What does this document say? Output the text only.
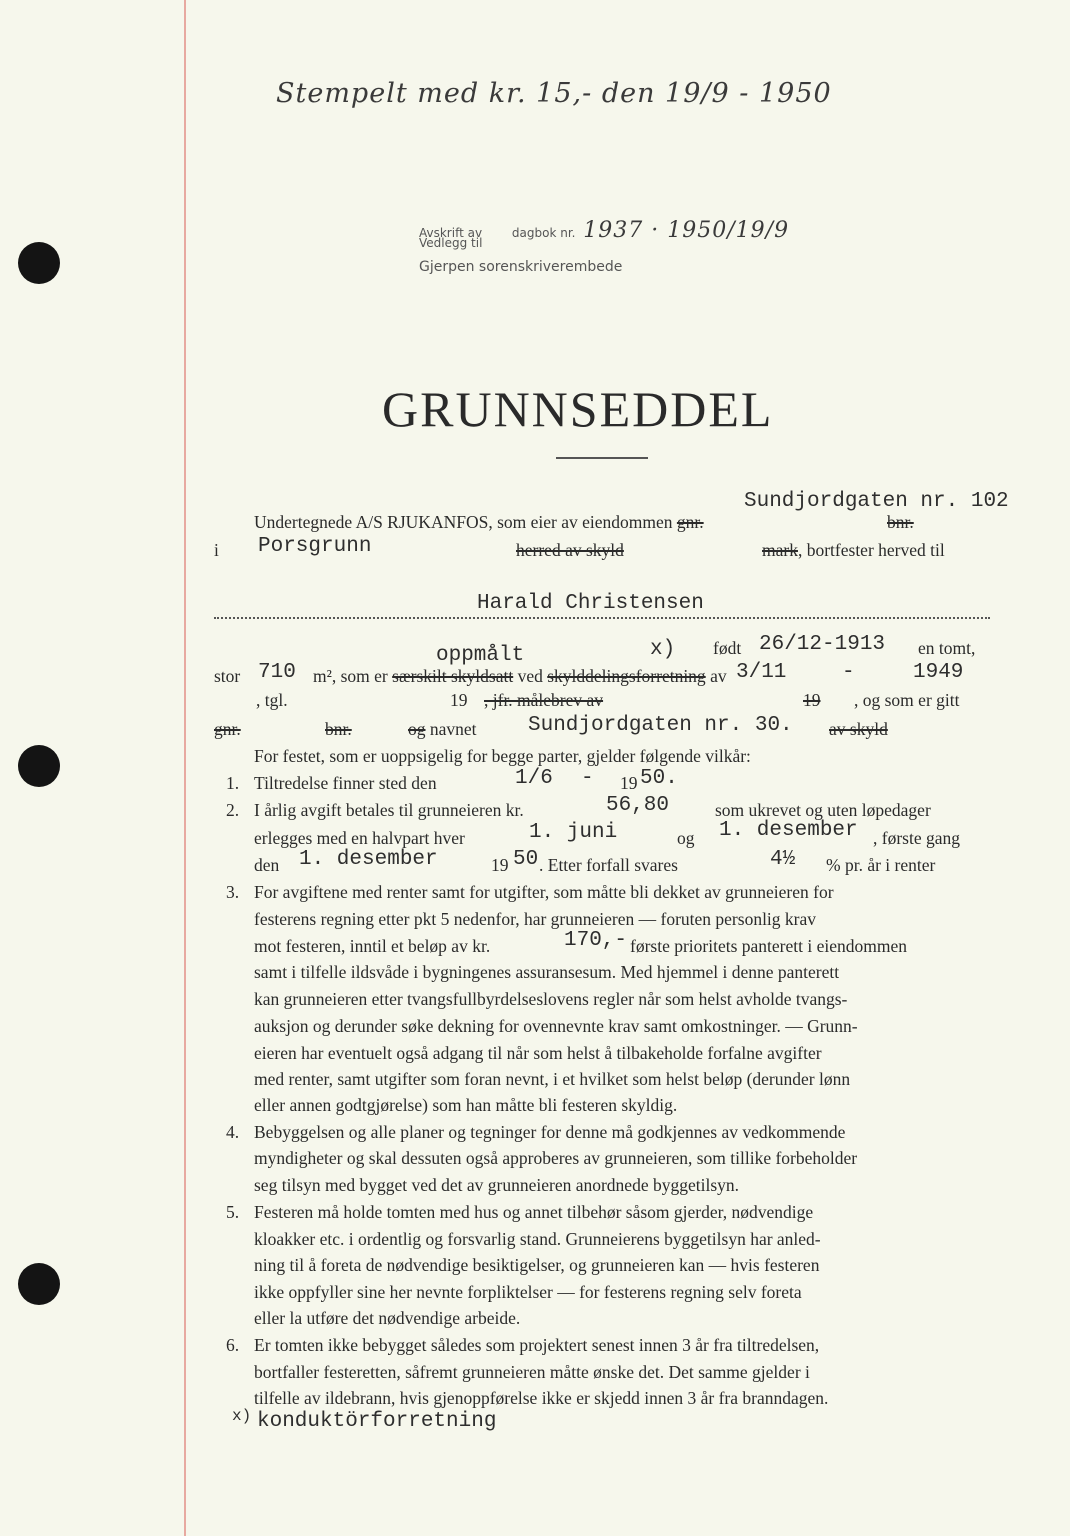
Stempelt med kr. 15,- den 19/9 - 1950
Avskrift av dagbok nr. 1937 · 1950/19/9
Vedlegg til
Gjerpen sorenskriverembede
GRUNNSEDDEL
Sundjordgaten nr. 102
Undertegnede A/S RJUKANFOS, som eier av eiendommen gnr.	bnr.
i Porsgrunn	herred av skyld	mark, bortfester herved til
Harald Christensen
oppmålt	x) født 26/12-1913 en tomt,
stor 710 m², som er særskilt skyldsatt ved skylddelingsforretning av 3/11	-	1949
, tgl.	19 , jfr. målebrev av	19 , og som er gitt
gnr.	bnr.	og navnet Sundjordgaten nr. 30. av skyld
For festet, som er uoppsigelig for begge parter, gjelder følgende vilkår:
1. Tiltredelse finner sted den	1/6 - 19 50.
2. I årlig avgift betales til grunneieren kr.	56,80	som ukrevet og uten løpedager
erlegges med en halvpart hver	1. juni	og 1. desember , første gang
den 1. desember	19 50 . Etter forfall svares	4½ % pr. år i renter
3. For avgiftene med renter samt for utgifter, som måtte bli dekket av grunneieren for
festerens regning etter pkt 5 nedenfor, har grunneieren — foruten personlig krav
mot festeren, inntil et beløp av kr.	170,- første prioritets panterett i eiendommen
samt i tilfelle ildsvåde i bygningenes assuransesum. Med hjemmel i denne panterett
kan grunneieren etter tvangsfullbyrdelseslovens regler når som helst avholde tvangs-
auksjon og derunder søke dekning for ovennevnte krav samt omkostninger. — Grunn-
eieren har eventuelt også adgang til når som helst å tilbakeholde forfalne avgifter
med renter, samt utgifter som foran nevnt, i et hvilket som helst beløp (derunder lønn
eller annen godtgjørelse) som han måtte bli festeren skyldig.
4. Bebyggelsen og alle planer og tegninger for denne må godkjennes av vedkommende
myndigheter og skal dessuten også approberes av grunneieren, som tillike forbeholder
seg tilsyn med bygget ved det av grunneieren anordnede byggetilsyn.
5. Festeren må holde tomten med hus og annet tilbehør såsom gjerder, nødvendige
kloakker etc. i ordentlig og forsvarlig stand. Grunneierens byggetilsyn har anled-
ning til å foreta de nødvendige besiktigelser, og grunneieren kan — hvis festeren
ikke oppfyller sine her nevnte forpliktelser — for festerens regning selv foreta
eller la utføre det nødvendige arbeide.
6. Er tomten ikke bebygget således som projektert senest innen 3 år fra tiltredelsen,
bortfaller festeretten, såfremt grunneieren måtte ønske det. Det samme gjelder i
tilfelle av ildebrann, hvis gjenoppførelse ikke er skjedd innen 3 år fra branndagen.
x) konduktörforretning
